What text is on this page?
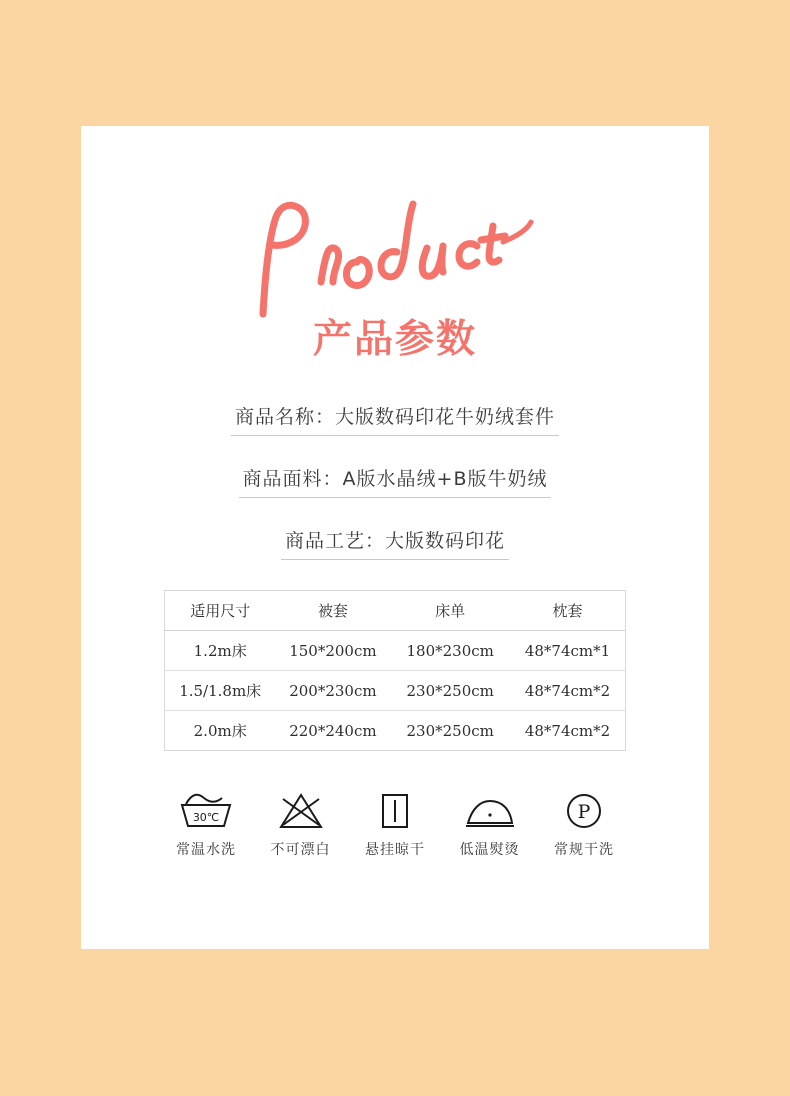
产品参数
商品名称：大版数码印花牛奶绒套件
商品面料：A版水晶绒+B版牛奶绒
商品工艺：大版数码印花
适用尺寸	被套	床单	枕套
1.2m床	150*200cm	180*230cm	48*74cm*1
1.5/1.8m床	200*230cm	230*250cm	48*74cm*2
2.0m床	220*240cm	230*250cm	48*74cm*2
30℃
常温水洗	不可漂白	悬挂晾干	低温熨烫
P
常规干洗
